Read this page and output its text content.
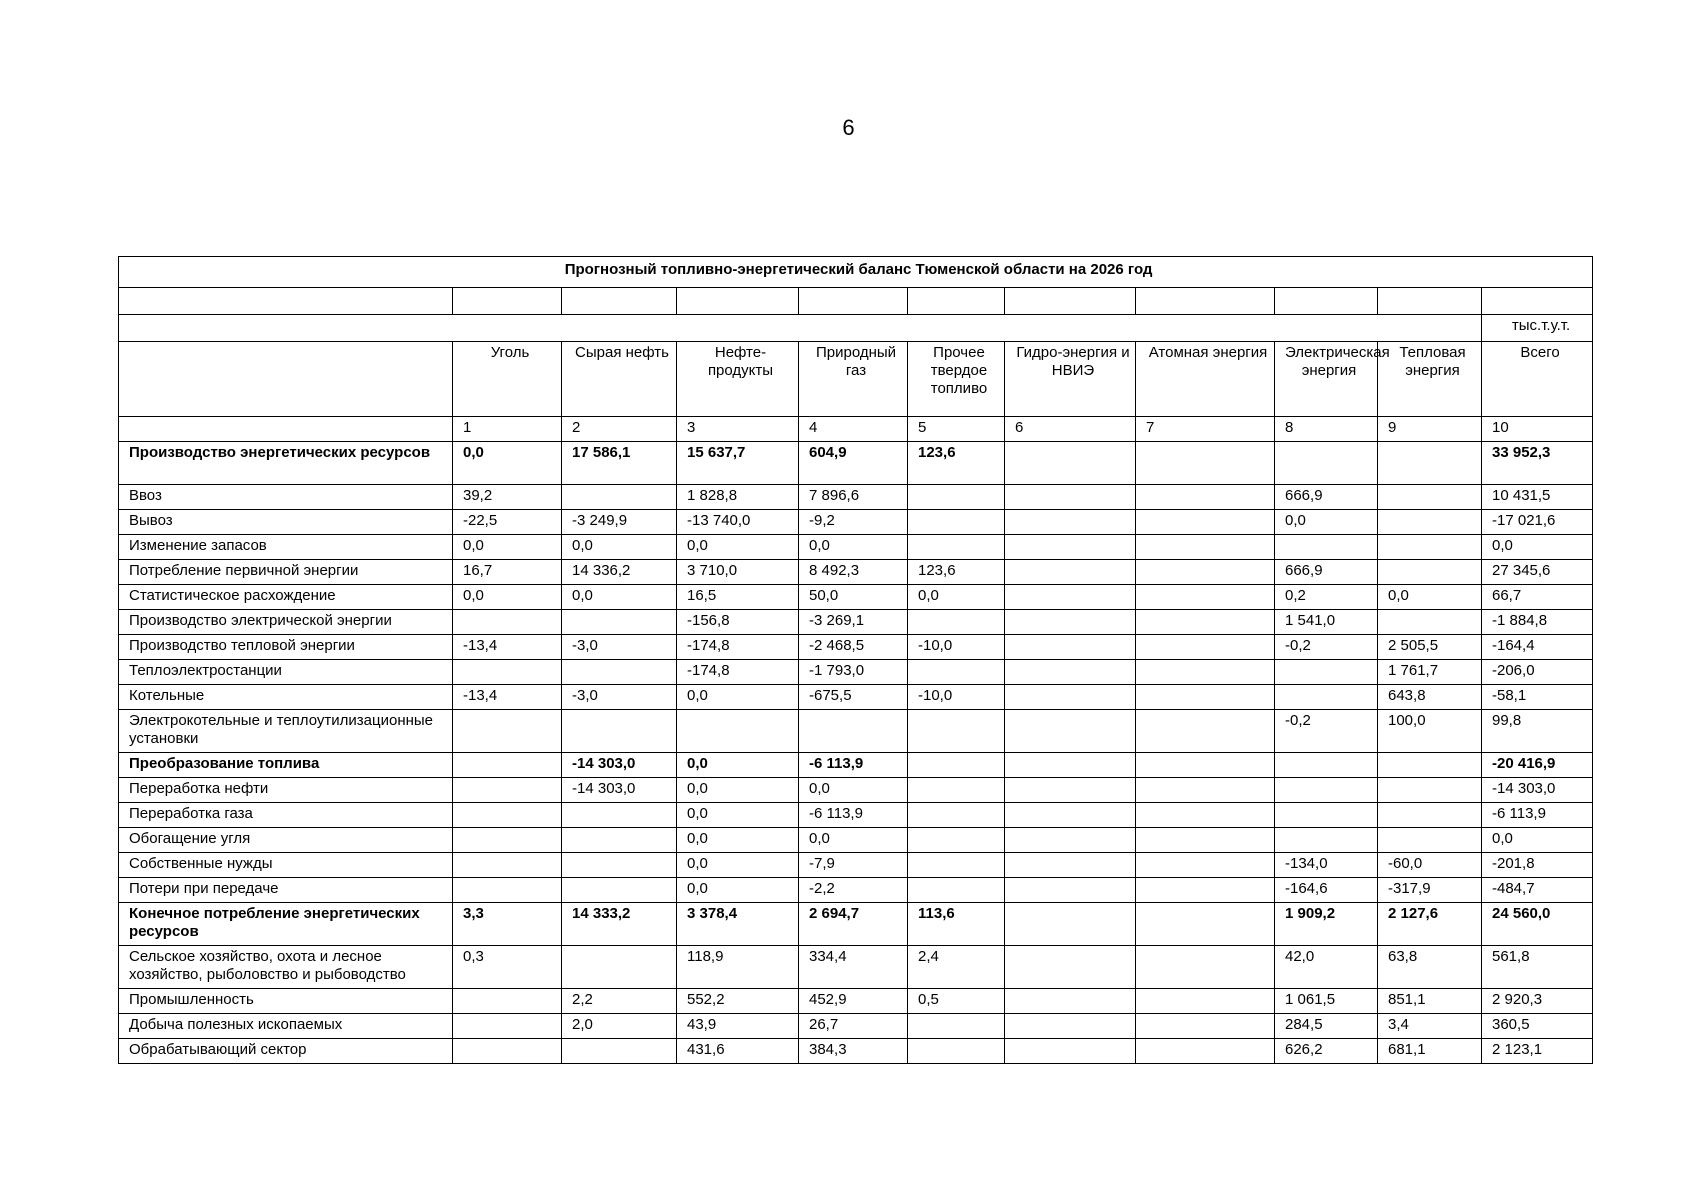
6
Прогнозный топливно-энергетический баланс Тюменской области на 2026 год										

										тыс.т.у.т.
	Уголь	Сырая нефть	Нефте-продукты	Природный газ	Прочее твердое топливо	Гидро-энергия и НВИЭ	Атомная энергия	Электрическая энергия	Тепловая энергия	Всего
	1	2	3	4	5	6	7	8	9	10
Производство энергетических ресурсов	0,0	17 586,1	15 637,7	604,9	123,6					33 952,3
Ввоз	39,2		1 828,8	7 896,6				666,9		10 431,5
Вывоз	-22,5	-3 249,9	-13 740,0	-9,2				0,0		-17 021,6
Изменение запасов	0,0	0,0	0,0	0,0						0,0
Потребление первичной энергии	16,7	14 336,2	3 710,0	8 492,3	123,6			666,9		27 345,6
Статистическое расхождение	0,0	0,0	16,5	50,0	0,0			0,2	0,0	66,7
Производство электрической энергии			-156,8	-3 269,1				1 541,0		-1 884,8
Производство тепловой энергии	-13,4	-3,0	-174,8	-2 468,5	-10,0			-0,2	2 505,5	-164,4
Теплоэлектростанции			-174,8	-1 793,0					1 761,7	-206,0
Котельные	-13,4	-3,0	0,0	-675,5	-10,0				643,8	-58,1
Электрокотельные и теплоутилизационные установки								-0,2	100,0	99,8
Преобразование топлива		-14 303,0	0,0	-6 113,9						-20 416,9
Переработка нефти		-14 303,0	0,0	0,0						-14 303,0
Переработка газа			0,0	-6 113,9						-6 113,9
Обогащение угля			0,0	0,0						0,0
Собственные нужды			0,0	-7,9				-134,0	-60,0	-201,8
Потери при передаче			0,0	-2,2				-164,6	-317,9	-484,7
Конечное потребление энергетических ресурсов	3,3	14 333,2	3 378,4	2 694,7	113,6			1 909,2	2 127,6	24 560,0
Сельское хозяйство, охота и лесное хозяйство, рыболовство и рыбоводство	0,3		118,9	334,4	2,4			42,0	63,8	561,8
Промышленность		2,2	552,2	452,9	0,5			1 061,5	851,1	2 920,3
Добыча полезных ископаемых		2,0	43,9	26,7				284,5	3,4	360,5
Обрабатывающий сектор			431,6	384,3				626,2	681,1	2 123,1
